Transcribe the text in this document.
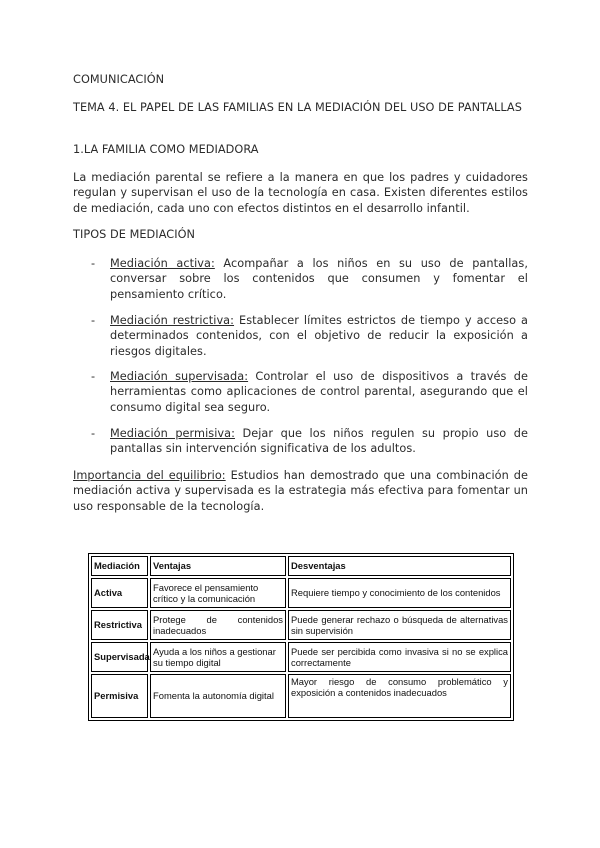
COMUNICACIÓN

TEMA 4. EL PAPEL DE LAS FAMILIAS EN LA MEDIACIÓN DEL USO DE PANTALLAS

1.LA FAMILIA COMO MEDIADORA

La mediación parental se refiere a la manera en que los padres y cuidadores regulan y supervisan el uso de la tecnología en casa. Existen diferentes estilos de mediación, cada uno con efectos distintos en el desarrollo infantil.

TIPOS DE MEDIACIÓN

- Mediación activa: Acompañar a los niños en su uso de pantallas, conversar sobre los contenidos que consumen y fomentar el pensamiento crítico.
- Mediación restrictiva: Establecer límites estrictos de tiempo y acceso a determinados contenidos, con el objetivo de reducir la exposición a riesgos digitales.
- Mediación supervisada: Controlar el uso de dispositivos a través de herramientas como aplicaciones de control parental, asegurando que el consumo digital sea seguro.
- Mediación permisiva: Dejar que los niños regulen su propio uso de pantallas sin intervención significativa de los adultos.

Importancia del equilibrio: Estudios han demostrado que una combinación de mediación activa y supervisada es la estrategia más efectiva para fomentar un uso responsable de la tecnología.

Mediación	Ventajas	Desventajas
Activa	Favorece el pensamiento crítico y la comunicación	Requiere tiempo y conocimiento de los contenidos
Restrictiva	Protege de contenidos inadecuados	Puede generar rechazo o búsqueda de alternativas sin supervisión
Supervisada	Ayuda a los niños a gestionar su tiempo digital	Puede ser percibida como invasiva si no se explica correctamente
Permisiva	Fomenta la autonomía digital	Mayor riesgo de consumo problemático y exposición a contenidos inadecuados
